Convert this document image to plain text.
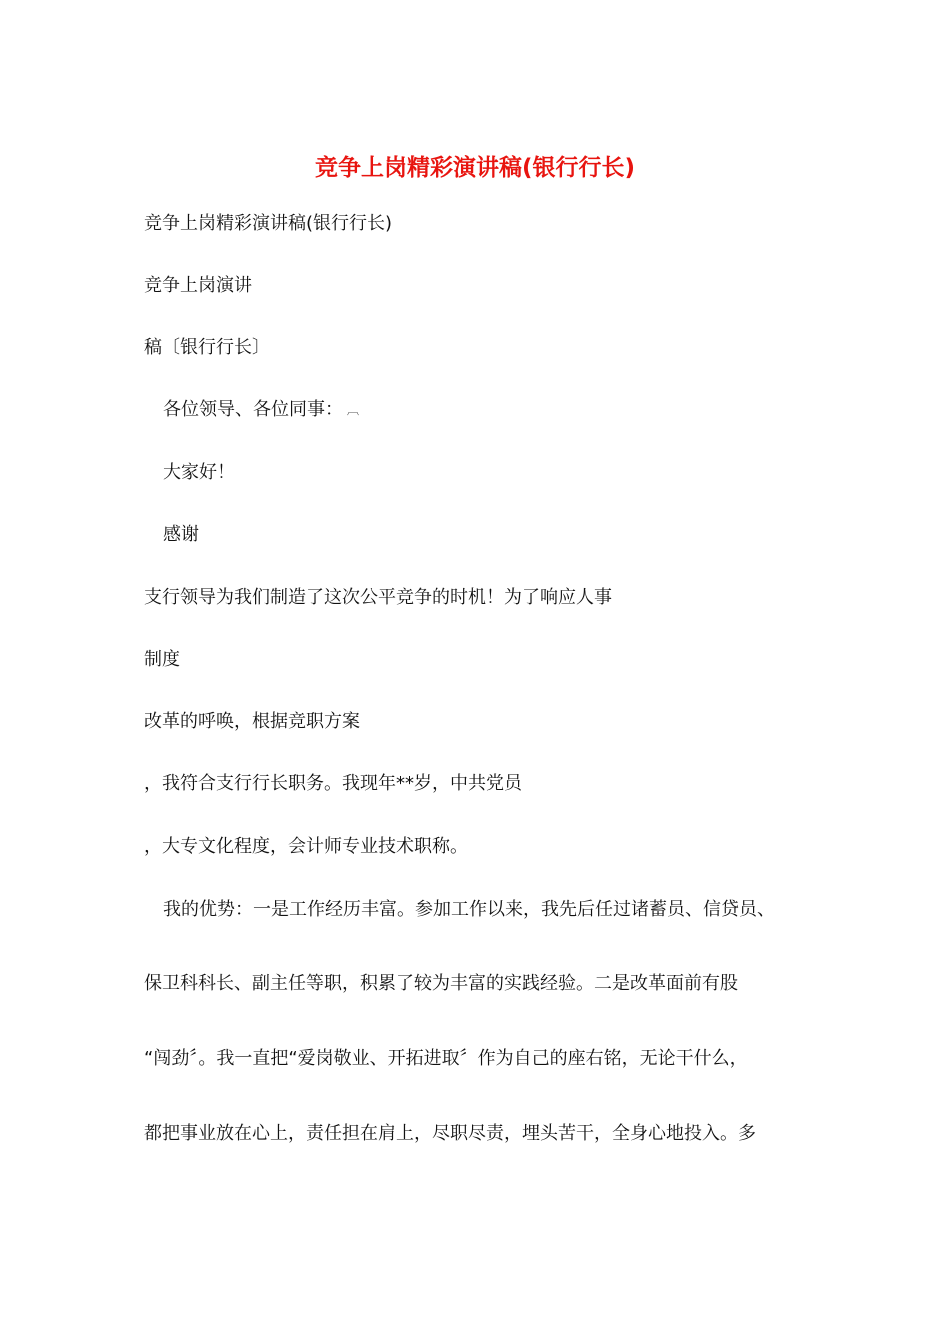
竞争上岗精彩演讲稿(银行行长)
竞争上岗精彩演讲稿(银行行长)
竞争上岗演讲
稿〔银行行长〕
各位领导、各位同事： ︹
大家好！
感谢
支行领导为我们制造了这次公平竞争的时机！为了响应人事
制度
改革的呼唤，根据竞职方案
，我符合支行行长职务。我现年**岁，中共党员
，大专文化程度，会计师专业技术职称。
我的优势：一是工作经历丰富。参加工作以来，我先后任过诸蓄员、信贷员、
保卫科科长、副主任等职，积累了较为丰富的实践经验。二是改革面前有股
“闯劲〞。我一直把“爱岗敬业、开拓进取〞作为自己的座右铭，无论干什么，
都把事业放在心上，责任担在肩上，尽职尽责，埋头苦干，全身心地投入。多
